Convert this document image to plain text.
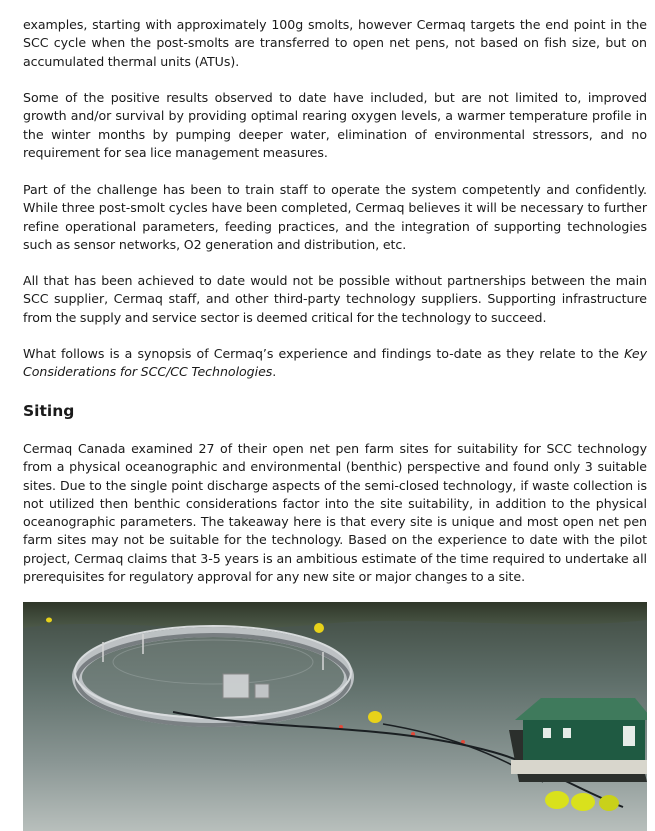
examples, starting with approximately 100g smolts, however Cermaq targets the end point in the SCC cycle when the post-smolts are transferred to open net pens, not based on fish size, but on accumulated thermal units (ATUs).

Some of the positive results observed to date have included, but are not limited to, improved growth and/or survival by providing optimal rearing oxygen levels, a warmer temperature profile in the winter months by pumping deeper water, elimination of environmental stressors, and no requirement for sea lice management measures.

Part of the challenge has been to train staff to operate the system competently and confidently. While three post-smolt cycles have been completed, Cermaq believes it will be necessary to further refine operational parameters, feeding practices, and the integration of supporting technologies such as sensor networks, O2 generation and distribution, etc.

All that has been achieved to date would not be possible without partnerships between the main SCC supplier, Cermaq staff, and other third-party technology suppliers. Supporting infrastructure from the supply and service sector is deemed critical for the technology to succeed.

What follows is a synopsis of Cermaq’s experience and findings to-date as they relate to the Key Considerations for SCC/CC Technologies.

Siting

Cermaq Canada examined 27 of their open net pen farm sites for suitability for SCC technology from a physical oceanographic and environmental (benthic) perspective and found only 3 suitable sites. Due to the single point discharge aspects of the semi-closed technology, if waste collection is not utilized then benthic considerations factor into the site suitability, in addition to the physical oceanographic parameters. The takeaway here is that every site is unique and most open net pen farm sites may not be suitable for the technology. Based on the experience to date with the pilot project, Cermaq claims that 3-5 years is an ambitious estimate of the time required to undertake all prerequisites for regulatory approval for any new site or major changes to a site.
